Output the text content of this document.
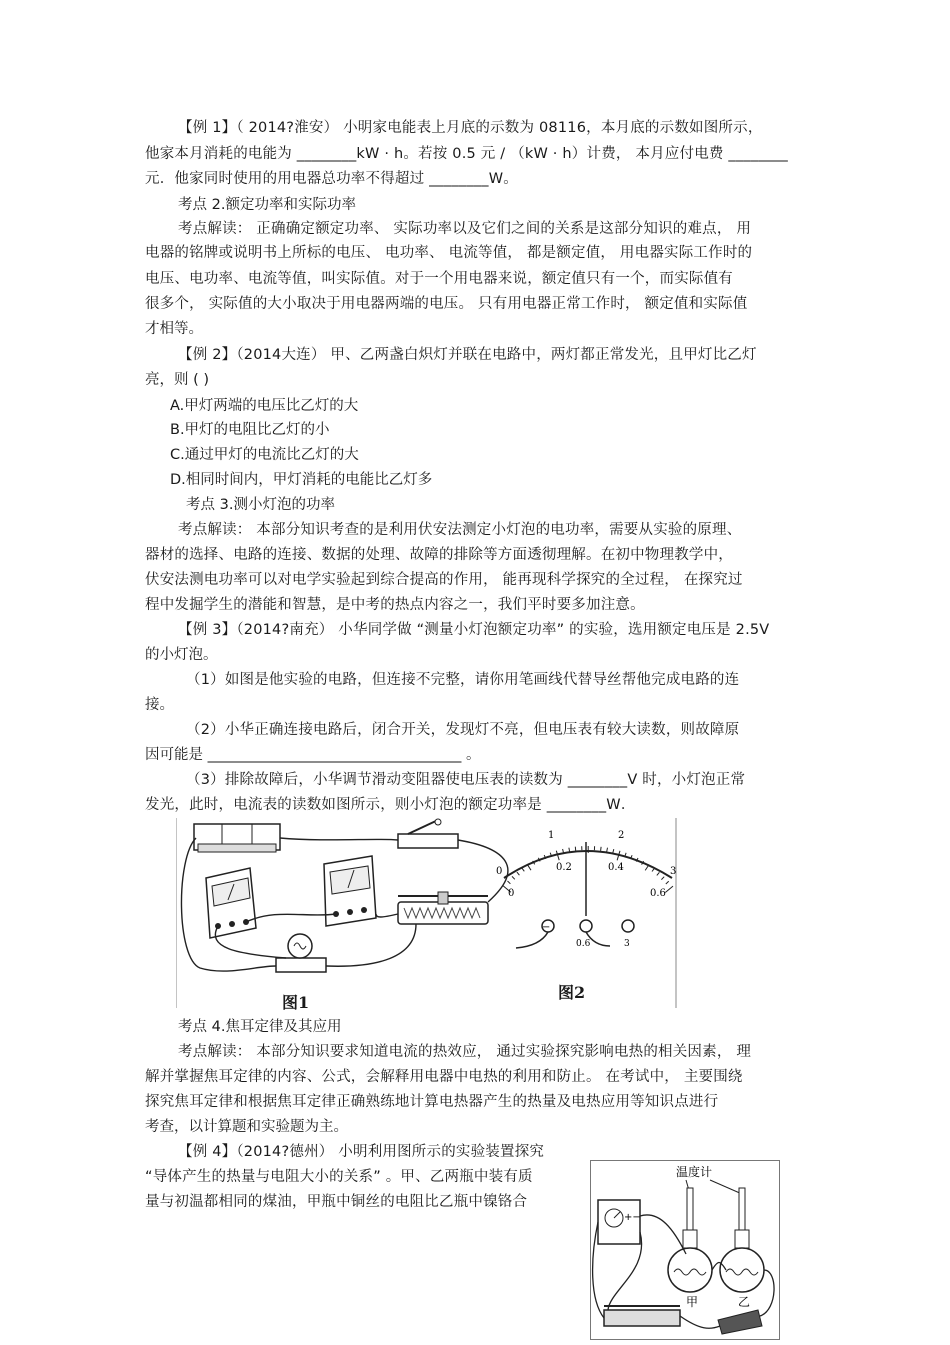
【例 1】（ 2014?淮安） 小明家电能表上月底的示数为 08116，本月底的示数如图所示，
他家本月消耗的电能为 ________kW · h。若按 0.5 元 / （kW · h）计费， 本月应付电费 ________
元．他家同时使用的用电器总功率不得超过 ________W。
考点 2.额定功率和实际功率
考点解读： 正确确定额定功率、 实际功率以及它们之间的关系是这部分知识的难点， 用
电器的铭牌或说明书上所标的电压、 电功率、 电流等值， 都是额定值， 用电器实际工作时的
电压、电功率、电流等值，叫实际值。对于一个用电器来说，额定值只有一个，而实际值有
很多个， 实际值的大小取决于用电器两端的电压。 只有用电器正常工作时， 额定值和实际值
才相等。
【例 2】（2014大连） 甲、乙两盏白炽灯并联在电路中，两灯都正常发光，且甲灯比乙灯
亮，则 ( )
A.甲灯两端的电压比乙灯的大
B.甲灯的电阻比乙灯的小
C.通过甲灯的电流比乙灯的大
D.相同时间内，甲灯消耗的电能比乙灯多
考点 3.测小灯泡的功率
考点解读： 本部分知识考查的是利用伏安法测定小灯泡的电功率，需要从实验的原理、
器材的选择、电路的连接、数据的处理、故障的排除等方面透彻理解。在初中物理教学中，
伏安法测电功率可以对电学实验起到综合提高的作用， 能再现科学探究的全过程， 在探究过
程中发掘学生的潜能和智慧，是中考的热点内容之一，我们平时要多加注意。
【例 3】（2014?南充） 小华同学做 “测量小灯泡额定功率” 的实验，选用额定电压是 2.5V
的小灯泡。
（1）如图是他实验的电路，但连接不完整，请你用笔画线代替导丝帮他完成电路的连
接。
（2）小华正确连接电路后，闭合开关，发现灯不亮，但电压表有较大读数，则故障原
因可能是 ___________________________________ 。
（3）排除故障后，小华调节滑动变阻器使电压表的读数为 ________V 时，小灯泡正常
发光，此时，电流表的读数如图所示，则小灯泡的额定功率是 ________W．
0
0
1	2
3
0.2	0.4
0.6
−
0.6	3
图1
图2
考点 4.焦耳定律及其应用
考点解读： 本部分知识要求知道电流的热效应， 通过实验探究影响电热的相关因素， 理
解并掌握焦耳定律的内容、公式，会解释用电器中电热的利用和防止。 在考试中， 主要围绕
探究焦耳定律和根据焦耳定律正确熟练地计算电热器产生的热量及电热应用等知识点进行
考查，以计算题和实验题为主。
【例 4】（2014?德州） 小明利用图所示的实验装置探究
“导体产生的热量与电阻大小的关系” 。甲、乙两瓶中装有质
量与初温都相同的煤油，甲瓶中铜丝的电阻比乙瓶中镍铬合
温度计
甲	乙
+−
